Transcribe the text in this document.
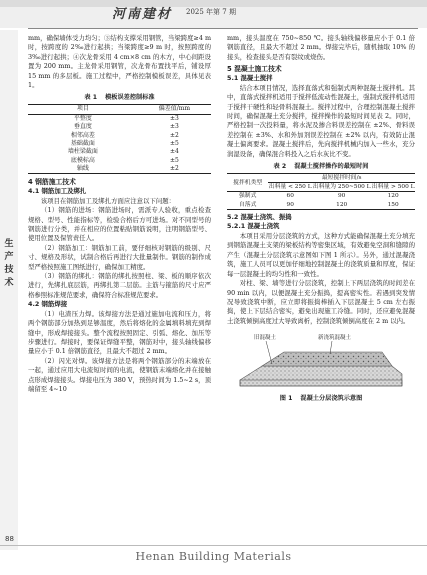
河南建材 2025 年第 7 期
生产技术

mm，确保墙体受力均匀；③结构支撑采用钢管，当梁跨度≥4 m 时，按跨度的 2‰进行起拱；当梁跨度≥9 m 时，按照跨度的 3‰进行起拱；④次龙骨采用 4 cm×8 cm 的木方，中心间距设置为 200 mm。主龙骨采用钢管，次龙骨布置找平后，铺设厚 15 mm 的多层板。施工过程中，严格控制模板误差，具体见表 1。

表 1 模板误差控制标准
项目	偏差值/mm
平整度	±3
垂直度	±3
相邻高差	±2
基础截面	±5
墙柱梁截面	±4
底模标高	±5
轴线	±2
4 钢筋施工技术
4.1 钢筋加工及绑扎

该项目在钢筋加工及绑扎方面应注意以下问题：

（1）钢筋的进场：钢筋进场时，需派专人验收，重点检查规格、型号、性能指标等，检验合格后方可进场。对不同型号的钢筋进行分类，并在相应的位置粘贴钢筋说明，注明钢筋型号、使用位置及保管责任人。

（2）钢筋加工：钢筋加工前，要仔细核对钢筋的级别、尺寸、规格及形状，试制合格后再进行大批量制作。钢筋的制作成型严格按照施工图纸进行，确保加工精度。

（3）钢筋的绑扎：钢筋的绑扎按照柱、梁、板的顺序依次进行，先绑扎底层筋，再绑扎第二层筋。主筋与箍筋的尺寸应严格参照标准规范要求，确保符合标准规范要求。

4.2 钢筋焊接

（1）电渣压力焊。该焊接方法是通过施加电流和压力，将两个钢筋部分加热到足够温度，然后将熔化的金属填料填充到焊缝中，形成焊接接头。整个流程按照固定、引弧、熔化、加压等步骤进行。焊接时，要保证焊缝平整，钢筋对中，接头轴线偏移量应小于 0.1 倍钢筋直径，且最大不超过 2 mm。

（2）闪光对焊。该焊接方法是将两个钢筋部分的末端放在一起，通过应用大电流短时间的电流，使钢筋末端熔化并在接触点形成焊接接头。焊接电压为 380 V，预热时间为 1.5~2 s，顶端留至 4~10

mm，接头温度在 750~850 ℃。接头轴线偏移量应小于 0.1 倍钢筋直径，且最大不超过 2 mm。焊接完毕后，随机抽取 10% 的接头，检查接头是否有裂纹或烧伤。

5 混凝土施工技术
5.1 混凝土搅拌

结合本项目情况，选择直落式和强制式两种混凝土搅拌机。其中，直落式搅拌机适用于搅拌低流动性混凝土，强制式搅拌机适用于搅拌干硬性和轻骨料混凝土。搅拌过程中，合理控制混凝土搅拌时间，确保混凝土充分搅拌，搅拌操作的最短时间见表 2。同时，严格控制一次投料量，将水泥及掺合料误差控制在 ±2%、骨料误差控制在 ±3%、水和外加剂误差控制在 ±2% 以内，有效防止混凝土偏离要求。混凝土搅拌后，先向搅拌机械内加入一些水，充分润湿设备，确保混合料投入之后水灰比不变。

表 2 混凝土搅拌操作的最短时间
搅拌机类型	最短搅拌时间/s		
	出料量 < 250 L	出料量为 250~500 L	出料量 > 500 L
强制式	60	90	120
自落式	90	120	150
5.2 混凝土浇筑、振捣
5.2.1 混凝土浇筑

本项目采用分层浇筑的方式，这种方式能确保混凝土充分填充到钢筋混凝土支架的梁板结构等密集区域，有效避免空洞和缝隙的产生（混凝土分层浇筑示意图如下图 1 所示）。另外，通过混凝浇筑，施工人员可以更加仔细地控制混凝土的浇筑质量和厚度，保证每一层混凝土的均匀性和一致性。

对柱、梁、墙等进行分层浇筑，控制上下两层浇筑的时间差在 90 min 以内，以便混凝土充分振捣，提高密实性。若遇到突发情况导致浇筑中断，应立即将振捣棒插入下层混凝土 5 cm 左右振捣，使上下层结合密实，避免出现施工冷缝。同时，还应避免混凝土浇筑倾倒高度过大导致离析，控制浇筑倾倒高度在 2 m 以内。

旧混凝土	新浇筑混凝土
图 1 混凝土分层浇筑示意图
88
Henan Building Materials
